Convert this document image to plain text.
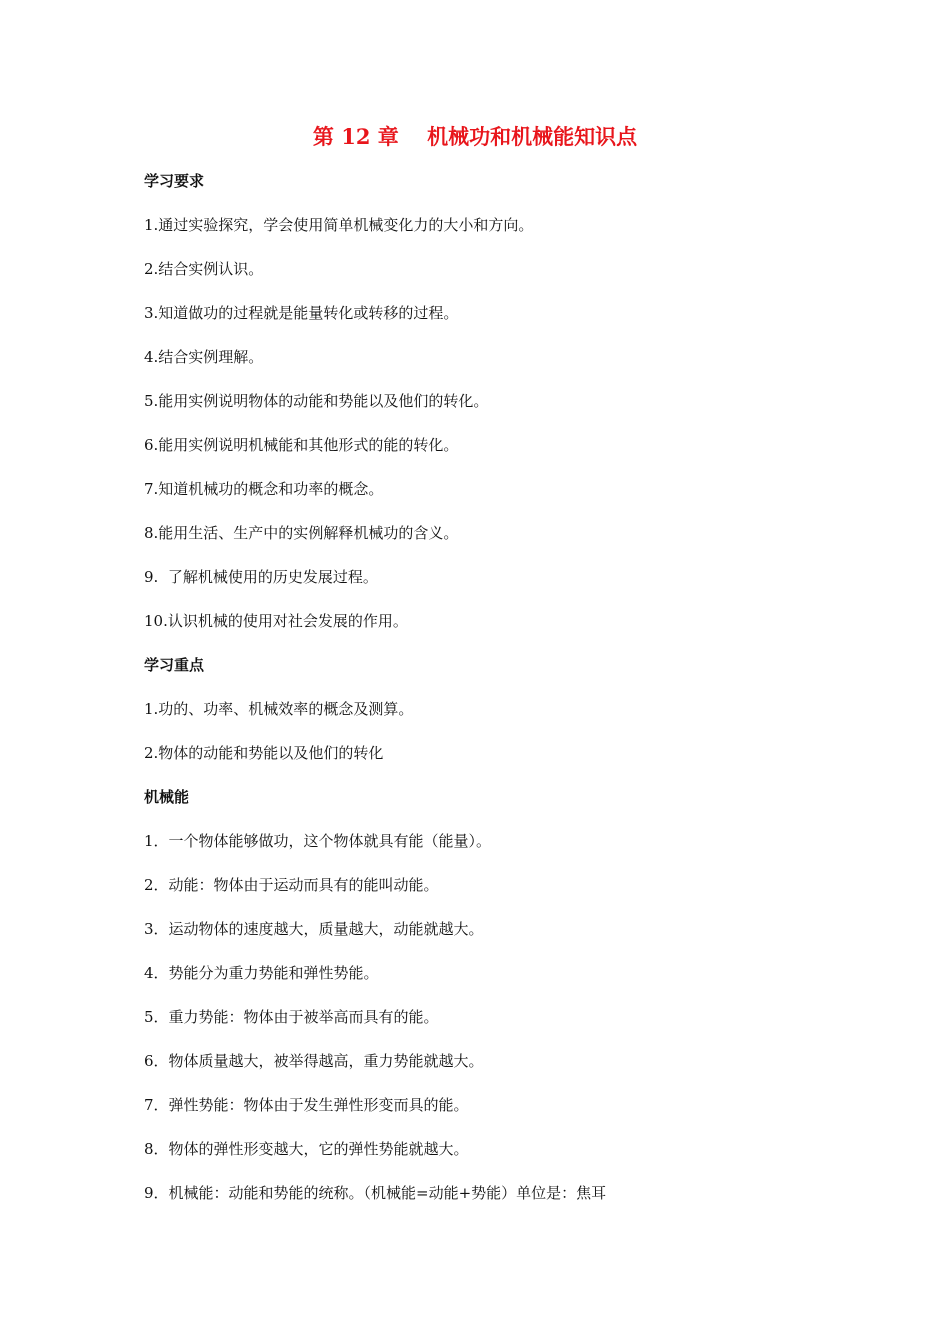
第 12 章　 机械功和机械能知识点
学习要求
1.通过实验探究，学会使用简单机械变化力的大小和方向。
2.结合实例认识。
3.知道做功的过程就是能量转化或转移的过程。
4.结合实例理解。
5.能用实例说明物体的动能和势能以及他们的转化。
6.能用实例说明机械能和其他形式的能的转化。
7.知道机械功的概念和功率的概念。
8.能用生活、生产中的实例解释机械功的含义。
9.  了解机械使用的历史发展过程。
10.认识机械的使用对社会发展的作用。
学习重点
1.功的、功率、机械效率的概念及测算。
2.物体的动能和势能以及他们的转化
机械能
1．一个物体能够做功，这个物体就具有能（能量）。
2．动能：物体由于运动而具有的能叫动能。
3．运动物体的速度越大，质量越大，动能就越大。
4．势能分为重力势能和弹性势能。
5．重力势能：物体由于被举高而具有的能。
6．物体质量越大，被举得越高，重力势能就越大。
7．弹性势能：物体由于发生弹性形变而具的能。
8．物体的弹性形变越大，它的弹性势能就越大。
9．机械能：动能和势能的统称。（机械能=动能+势能）单位是：焦耳
